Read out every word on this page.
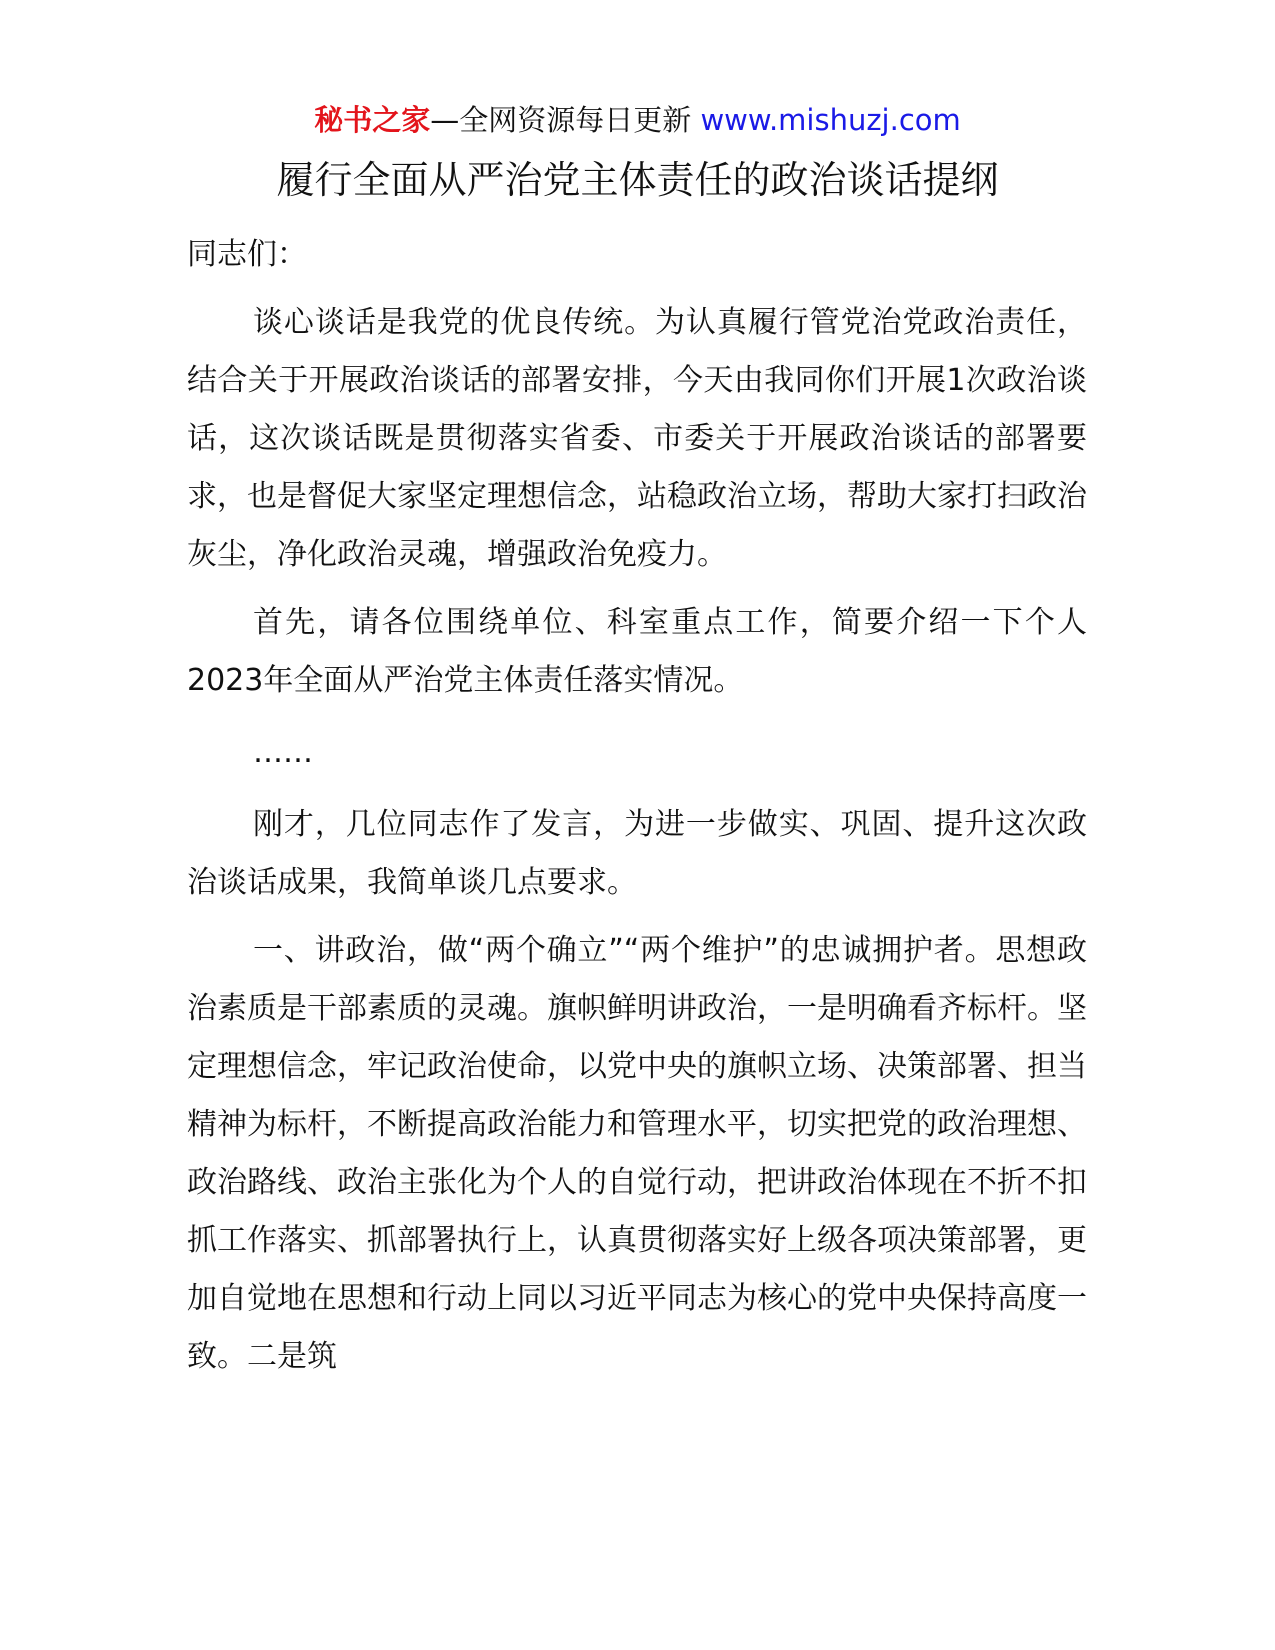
秘书之家—全网资源每日更新 www.mishuzj.com
履行全面从严治党主体责任的政治谈话提纲

同志们：

谈心谈话是我党的优良传统。为认真履行管党治党政治责任，结合关于开展政治谈话的部署安排，今天由我同你们开展1次政治谈话，这次谈话既是贯彻落实省委、市委关于开展政治谈话的部署要求，也是督促大家坚定理想信念，站稳政治立场，帮助大家打扫政治灰尘，净化政治灵魂，增强政治免疫力。

首先，请各位围绕单位、科室重点工作，简要介绍一下个人2023年全面从严治党主体责任落实情况。

……

刚才，几位同志作了发言，为进一步做实、巩固、提升这次政治谈话成果，我简单谈几点要求。

一、讲政治，做“两个确立”“两个维护”的忠诚拥护者。思想政治素质是干部素质的灵魂。旗帜鲜明讲政治，一是明确看齐标杆。坚定理想信念，牢记政治使命，以党中央的旗帜立场、决策部署、担当精神为标杆，不断提高政治能力和管理水平，切实把党的政治理想、政治路线、政治主张化为个人的自觉行动，把讲政治体现在不折不扣抓工作落实、抓部署执行上，认真贯彻落实好上级各项决策部署，更加自觉地在思想和行动上同以习近平同志为核心的党中央保持高度一致。二是筑
